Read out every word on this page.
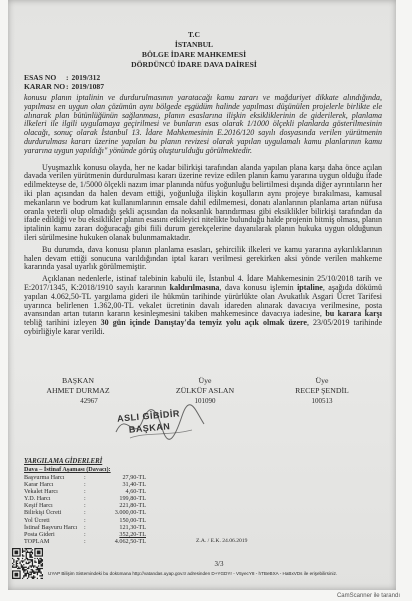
T.C
İSTANBUL
BÖLGE İDARE MAHKEMESİ
DÖRDÜNCÜ İDARE DAVA DAİRESİ
ESAS NO : 2019/312
KARAR NO: 2019/1087

konusu planın iptalinin ve durdurulmasının yaratacağı kamu zararı ve mağduriyet dikkate alındığında, yapılması en uygun olan çözümün aynı bölgede eşgüdüm halinde yapılması düşünülen projelerle birlikte ele alınarak plan bütünlüğünün sağlanması, planın esaslarına ilişkin eksikliklerinin de giderilerek, planlama ilkeleri ile ilgili uygulamaya geçirilmesi ve bunların esas olarak 1/1000 ölçekli planlarda gösterilmesinin olacağı, sonuç olarak İstanbul 13. İdare Mahkemesinin E.2016/120 sayılı dosyasında verilen yürütmenin durdurulması kararı üzerine yapılan bu planın revizesi olarak yapılan uygulamalı kamu planlarının kamu yararına uygun yapıldığı" yönünde görüş oluşturulduğu görülmektedir.

Uyuşmazlık konusu olayda, her ne kadar bilirkişi tarafından alanda yapılan plana karşı daha önce açılan davada verilen yürütmenin durdurulması kararı üzerine revize edilen planın kamu yararına uygun olduğu ifade edilmekteyse de, 1/5000 ölçekli nazım imar planında nüfus yoğunluğu belirtilmesi dışında diğer ayrıntıların her iki plan açısından da halen devam ettiği, yoğunluğa ilişkin koşulların aynı projeye bırakılması, kamusal mekanların ve bodrum kat kullanımlarının emsale dahil edilmemesi, donatı alanlarının planlama artan nüfusa oranla yeterli olup olmadığı şekli açısından da noksanlık barındırması gibi eksiklikler bilirkişi tarafından da ifade edildiği ve bu eksiklikler planın esasını etkileyici nitelikte bulunduğu halde projenin bitmiş olması, planın iptalinin kamu zararı doğuracağı gibi fiili durum gerekçelerine dayanılarak planın hukuka uygun olduğunun ileri sürülmesine hukuken olanak bulunmamaktadır.

Bu durumda, dava konusu planın planlama esasları, şehircilik ilkeleri ve kamu yararına aykırılıklarının halen devam ettiği sonucuna varıldığından iptal kararı verilmesi gerekirken aksi yönde verilen mahkeme kararında yasal uyarlık görülmemiştir.

Açıklanan nedenlerle, istinaf talebinin kabulü ile, İstanbul 4. İdare Mahkemesinin 25/10/2018 tarih ve E:2017/1345, K:2018/1910 sayılı kararının kaldırılmasına, dava konusu işlemin iptaline, aşağıda dökümü yapılan 4.062,50-TL yargılama gideri ile hükmün tarihinde yürürlükte olan Avukatlık Asgari Ücret Tarifesi uyarınca belirlenen 1.362,00-TL vekalet ücretinin davalı idareden alınarak davacıya verilmesine, posta avansından artan tutarın kararın kesinleşmesini takiben mahkemesince davacıya iadesine, bu karara karşı tebliğ tarihini izleyen 30 gün içinde Danıştay'da temyiz yolu açık olmak üzere, 23/05/2019 tarihinde oybirliğiyle karar verildi.

BAŞKAN
AHMET DURMAZ
42967
Üye
ZÜLKÜF ASLAN
101090
Üye
RECEP ŞENDİL
100513
ASLI GİBİDİR
BAŞKAN
YARGILAMA GİDERLERİ
Dava – İstinaf Aşaması (Davacı):
Başvurma Harcı	:	27,90-TL
Karar Harcı	:	31,40-TL
Vekalet Harcı	:	4,60-TL
Y.D. Harcı	:	199,80-TL
Keşif Harcı	:	221,80-TL
Bilirkişi Ücreti	:	3.000,00-TL
Yol Ücreti	:	150,00-TL
İstinaf Başvuru Harcı	:	121,30-TL
Posta Gideri	:	352,20-TL
TOPLAM	:	4.062,50-TL	Z.A. / E.K. 24.06.2019
3/3
UYAP Bilişim Sistemindeki bu dokümana http://vatandas.uyap.gov.tr adresinden D+YGDYr - V5yecY8 - hTBeBXA - HaBxVDs ile erişebilirsiniz.
CamScanner ile tarandı
